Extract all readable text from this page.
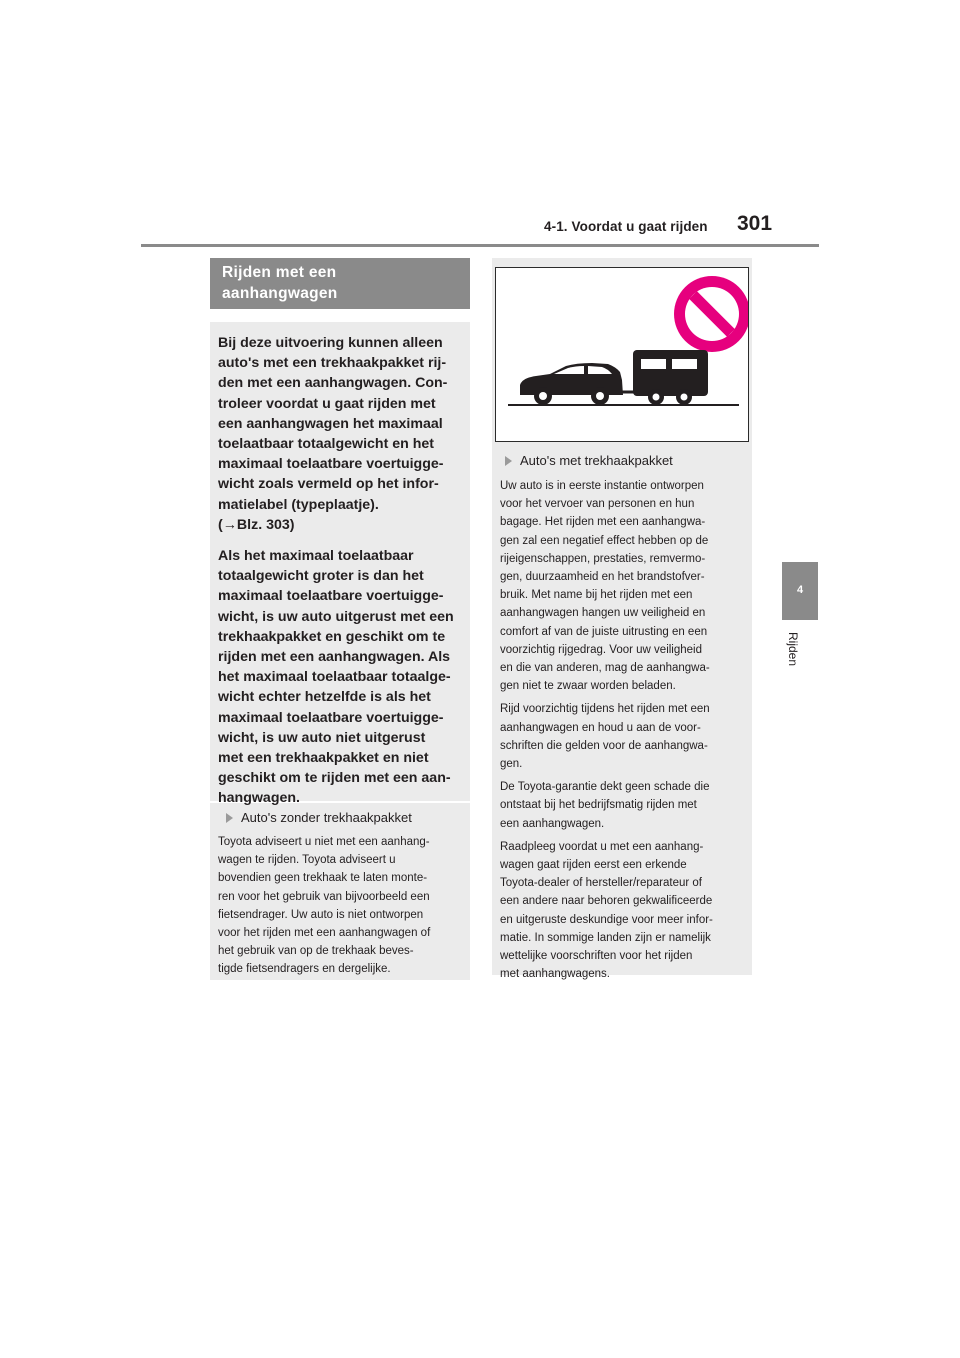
4-1. Voordat u gaat rijden 301
4
Rijden
Rijden met een
aanhangwagen

Bij deze uitvoering kunnen alleen
auto's met een trekhaakpakket rij-
den met een aanhangwagen. Con-
troleer voordat u gaat rijden met
een aanhangwagen het maximaal
toelaatbaar totaalgewicht en het
maximaal toelaatbare voertuigge-
wicht zoals vermeld op het infor-
matielabel (typeplaatje).
(→Blz. 303)

Als het maximaal toelaatbaar
totaalgewicht groter is dan het
maximaal toelaatbare voertuigge-
wicht, is uw auto uitgerust met een
trekhaakpakket en geschikt om te
rijden met een aanhangwagen. Als
het maximaal toelaatbaar totaalge-
wicht echter hetzelfde is als het
maximaal toelaatbare voertuigge-
wicht, is uw auto niet uitgerust
met een trekhaakpakket en niet
geschikt om te rijden met een aan-
hangwagen.

Auto's zonder trekhaakpakket
Toyota adviseert u niet met een aanhang-
wagen te rijden. Toyota adviseert u
bovendien geen trekhaak te laten monte-
ren voor het gebruik van bijvoorbeeld een
fietsendrager. Uw auto is niet ontworpen
voor het rijden met een aanhangwagen of
het gebruik van op de trekhaak beves-
tigde fietsendragers en dergelijke.
Auto's met trekhaakpakket
Uw auto is in eerste instantie ontworpen
voor het vervoer van personen en hun
bagage. Het rijden met een aanhangwa-
gen zal een negatief effect hebben op de
rijeigenschappen, prestaties, remvermo-
gen, duurzaamheid en het brandstofver-
bruik. Met name bij het rijden met een
aanhangwagen hangen uw veiligheid en
comfort af van de juiste uitrusting en een
voorzichtig rijgedrag. Voor uw veiligheid
en die van anderen, mag de aanhangwa-
gen niet te zwaar worden beladen.
Rijd voorzichtig tijdens het rijden met een
aanhangwagen en houd u aan de voor-
schriften die gelden voor de aanhangwa-
gen.
De Toyota-garantie dekt geen schade die
ontstaat bij het bedrijfsmatig rijden met
een aanhangwagen.
Raadpleeg voordat u met een aanhang-
wagen gaat rijden eerst een erkende
Toyota-dealer of hersteller/reparateur of
een andere naar behoren gekwalificeerde
en uitgeruste deskundige voor meer infor-
matie. In sommige landen zijn er namelijk
wettelijke voorschriften voor het rijden
met aanhangwagens.
